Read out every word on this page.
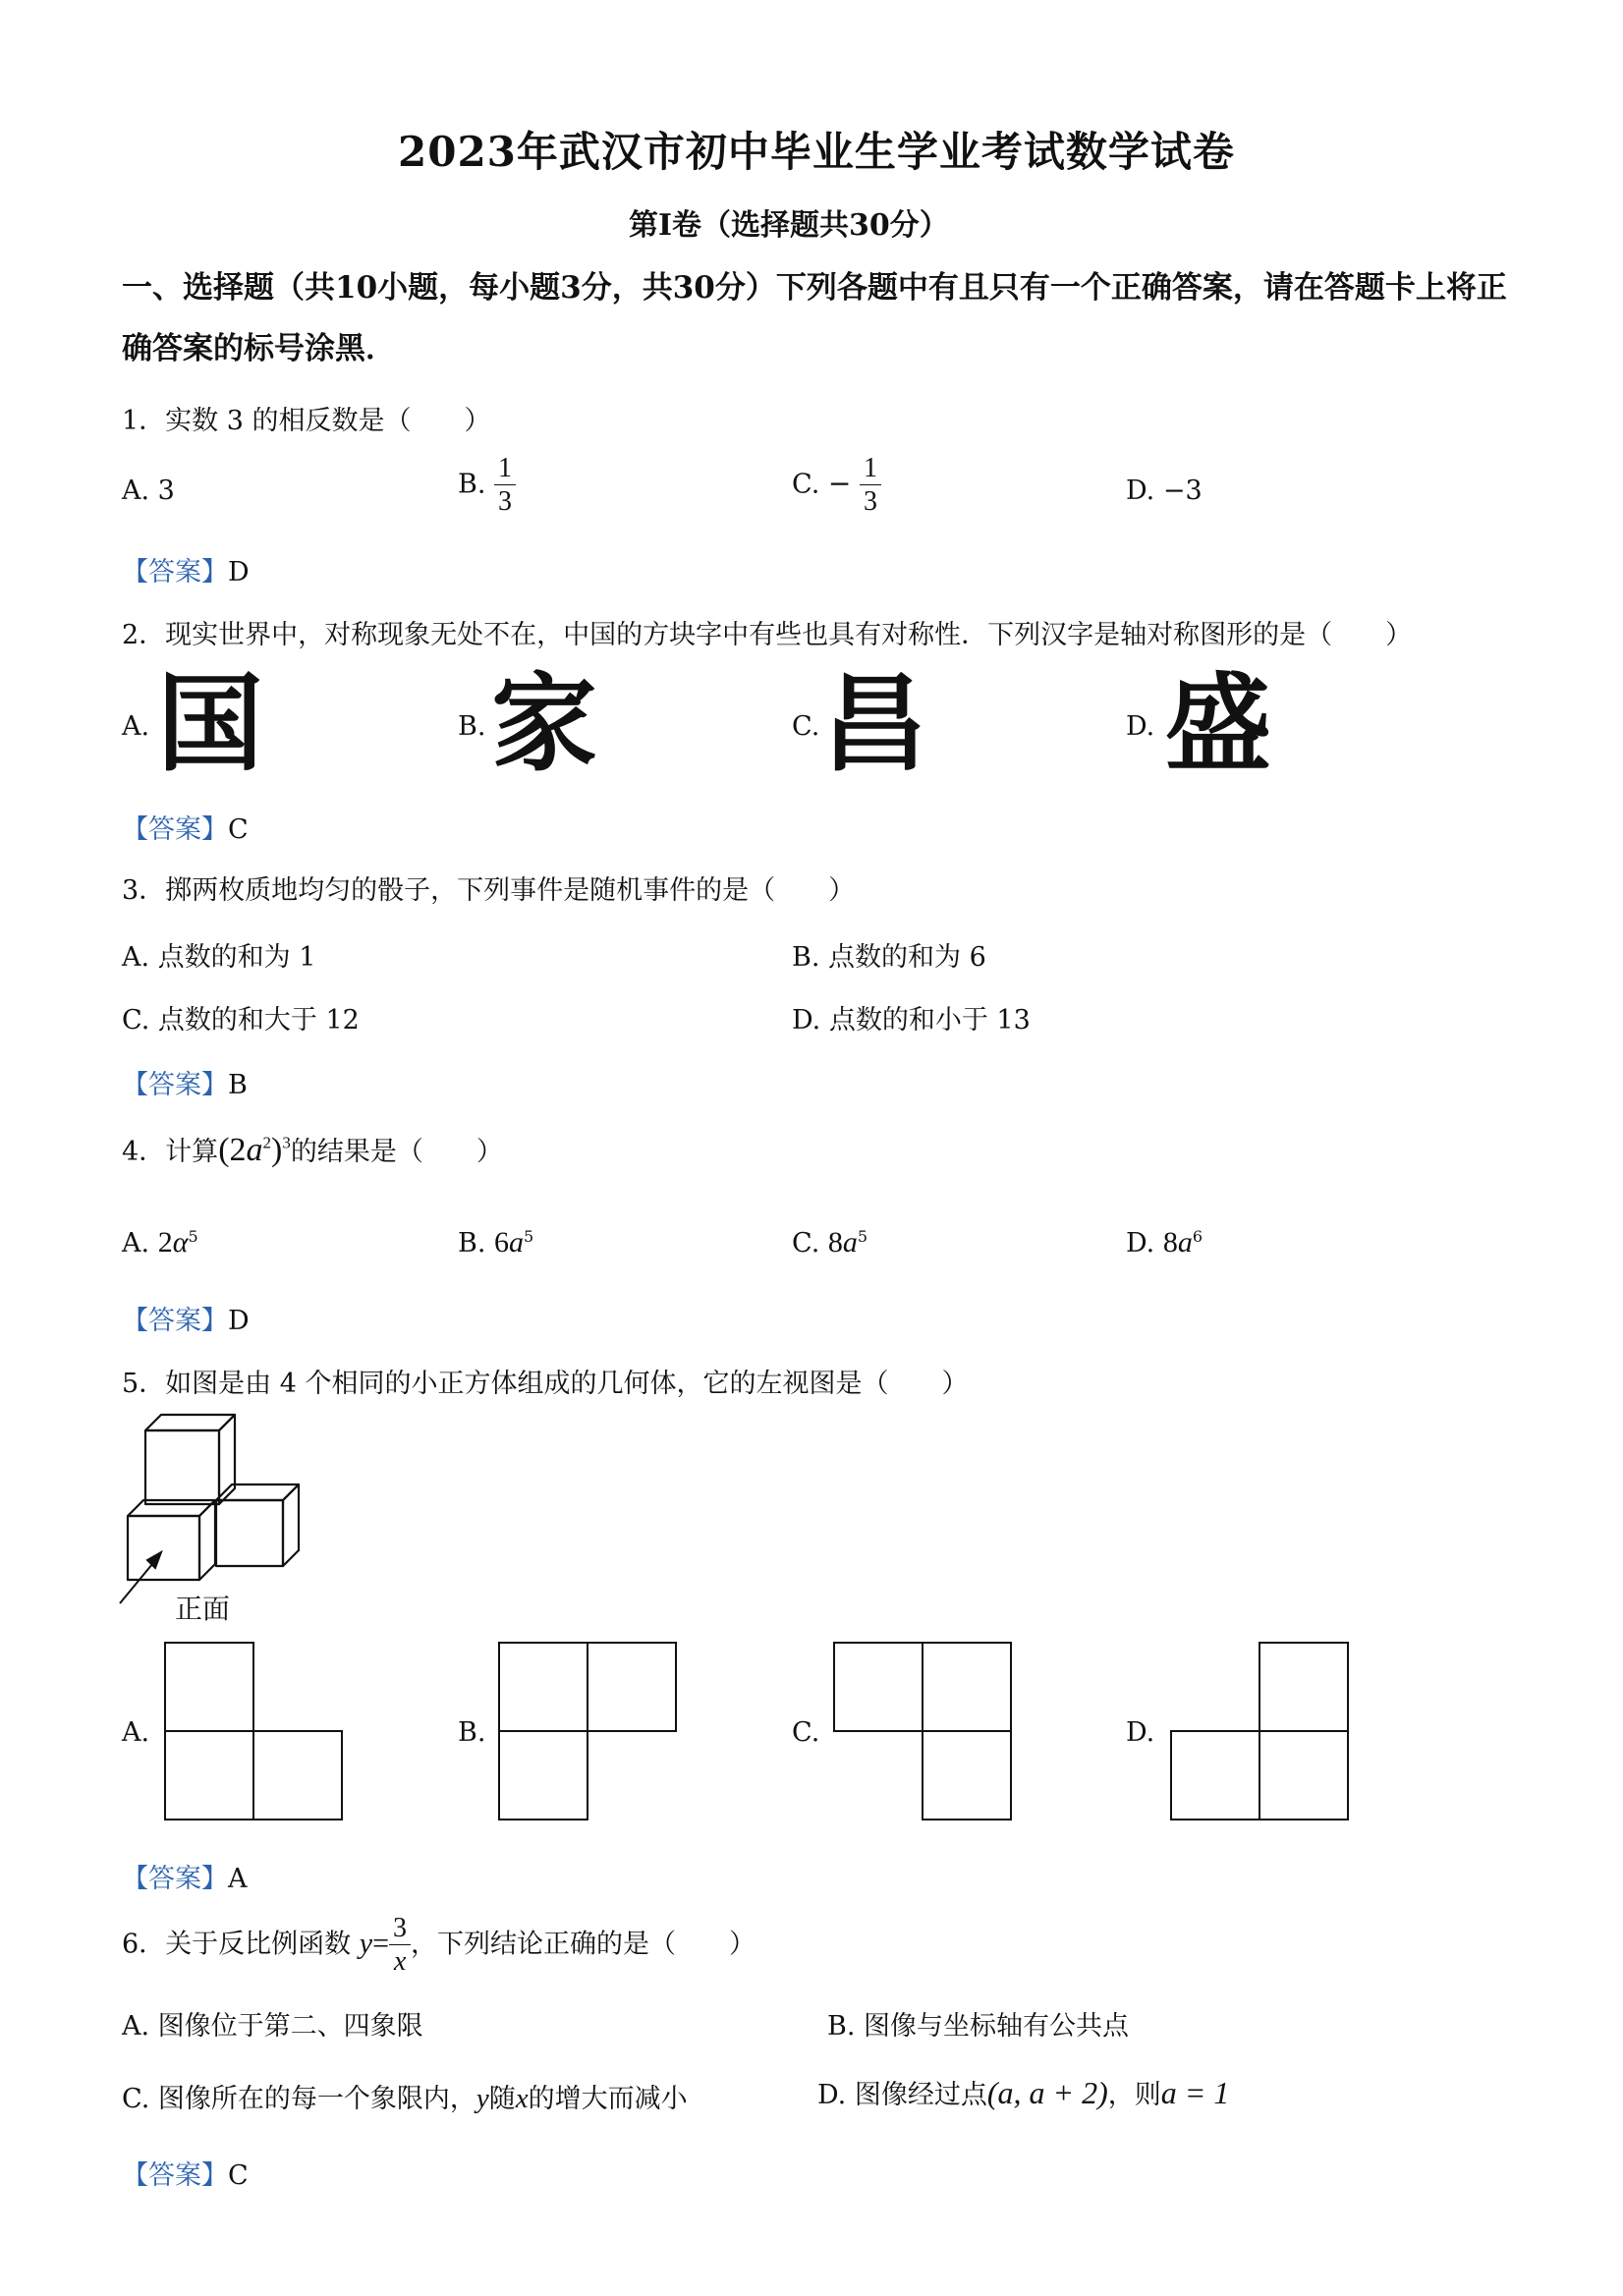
2023年武汉市初中毕业生学业考试数学试卷
第Ⅰ卷（选择题共30分）
一、选择题（共10小题，每小题3分，共30分）下列各题中有且只有一个正确答案，请在答题卡上将正确答案的标号涂黑．
1．实数 3 的相反数是（　　）
A. 3	B. $\frac{1}{3}$	C. − $\frac{1}{3}$	D. −3
【答案】D
2．现实世界中，对称现象无处不在，中国的方块字中有些也具有对称性．下列汉字是轴对称图形的是（　　）
A. 国	B. 家	C. 昌	D. 盛
【答案】C
3．掷两枚质地均匀的骰子，下列事件是随机事件的是（　　）
A. 点数的和为 1	B. 点数的和为 6
C. 点数的和大于 12	D. 点数的和小于 13
【答案】B
4．计算$(2a^2)^3$的结果是（　　）
A. $2\alpha^5$	B. $6a^5$	C. $8a^5$	D. $8a^6$
【答案】D
5．如图是由 4 个相同的小正方体组成的几何体，它的左视图是（　　）
正面
A.	B.	C.	D.
【答案】A
6．关于反比例函数 $y= \frac{3}{x}$ ，下列结论正确的是（　　）
A. 图像位于第二、四象限	B. 图像与坐标轴有公共点
C. 图像所在的每一个象限内，y随x的增大而减小	D. 图像经过点(a, a + 2)，则a = 1
【答案】C
